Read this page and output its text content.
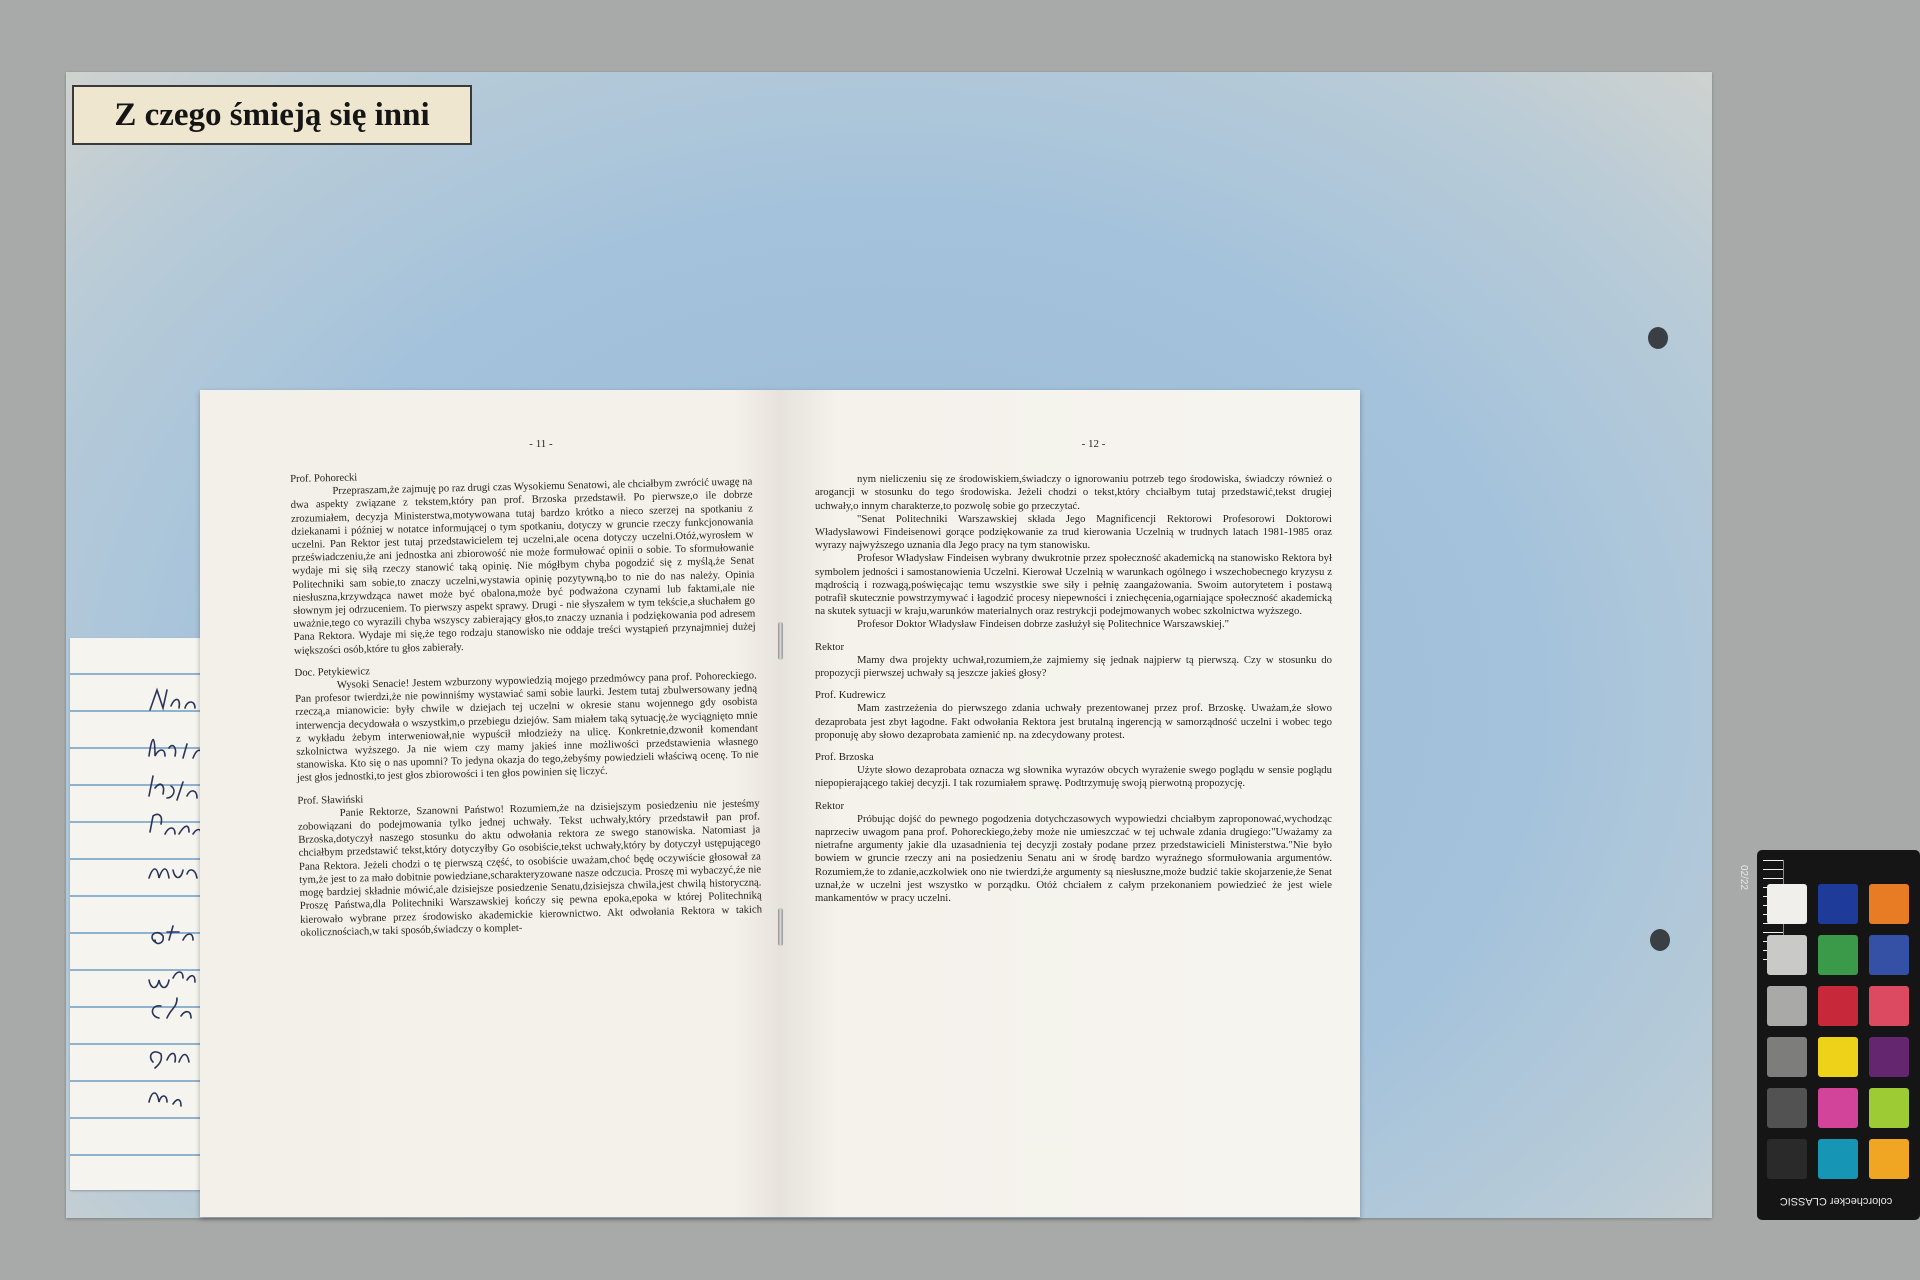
Z czego śmieją się inni
- 11 -
Prof. Pohorecki
Przepraszam,że zajmuję po raz drugi czas Wysokiemu Senatowi, ale chciałbym zwrócić uwagę na dwa aspekty związane z tekstem,który pan prof. Brzoska przedstawił. Po pierwsze,o ile dobrze zrozumiałem, decyzja Ministerstwa,motywowana tutaj bardzo krótko a nieco szerzej na spotkaniu z dziekanami i później w notatce informującej o tym spotkaniu, dotyczy w gruncie rzeczy funkcjonowania uczelni. Pan Rektor jest tutaj przedstawicielem tej uczelni,ale ocena dotyczy uczelni.Otóż,wyrosłem w przeświadczeniu,że ani jednostka ani zbiorowość nie może formułować opinii o sobie. To sformułowanie wydaje mi się siłą rzeczy stanowić taką opinię. Nie mógłbym chyba pogodzić się z myślą,że Senat Politechniki sam sobie,to znaczy uczelni,wystawia opinię pozytywną,bo to nie do nas należy. Opinia niesłuszna,krzywdząca nawet może być obalona,może być podważona czynami lub faktami,ale nie słownym jej odrzuceniem. To pierwszy aspekt sprawy. Drugi - nie słyszałem w tym tekście,a słuchałem go uważnie,tego co wyrazili chyba wszyscy zabierający głos,to znaczy uznania i podziękowania pod adresem Pana Rektora. Wydaje mi się,że tego rodzaju stanowisko nie oddaje treści wystąpień przynajmniej dużej większości osób,które tu głos zabierały.
Doc. Petykiewicz
Wysoki Senacie! Jestem wzburzony wypowiedzią mojego przedmówcy pana prof. Pohoreckiego. Pan profesor twierdzi,że nie powinniśmy wystawiać sami sobie laurki. Jestem tutaj zbulwersowany jedną rzeczą,a mianowicie: były chwile w dziejach tej uczelni w okresie stanu wojennego gdy osobista interwencja decydowała o wszystkim,o przebiegu dziejów. Sam miałem taką sytuację,że wyciągnięto mnie z wykładu żebym interweniował,nie wypuścił młodzieży na ulicę. Konkretnie,dzwonił komendant szkolnictwa wyższego. Ja nie wiem czy mamy jakieś inne możliwości przedstawienia własnego stanowiska. Kto się o nas upomni? To jedyna okazja do tego,żebyśmy powiedzieli właściwą ocenę. To nie jest głos jednostki,to jest głos zbiorowości i ten głos powinien się liczyć.
Prof. Sławiński
Panie Rektorze, Szanowni Państwo! Rozumiem,że na dzisiejszym posiedzeniu nie jesteśmy zobowiązani do podejmowania tylko jednej uchwały. Tekst uchwały,który przedstawił pan prof. Brzoska,dotyczył naszego stosunku do aktu odwołania rektora ze swego stanowiska. Natomiast ja chciałbym przedstawić tekst,który dotyczyłby Go osobiście,tekst uchwały,który by dotyczył ustępującego Pana Rektora. Jeżeli chodzi o tę pierwszą część, to osobiście uważam,choć będę oczywiście głosował za tym,że jest to za mało dobitnie powiedziane,scharakteryzowane nasze odczucia. Proszę mi wybaczyć,że nie mogę bardziej składnie mówić,ale dzisiejsze posiedzenie Senatu,dzisiejsza chwila,jest chwilą historyczną. Proszę Państwa,dla Politechniki Warszawskiej kończy się pewna epoka,epoka w której Politechniką kierowało wybrane przez środowisko akademickie kierownictwo. Akt odwołania Rektora w takich okolicznościach,w taki sposób,świadczy o komplet-
- 12 -
nym nieliczeniu się ze środowiskiem,świadczy o ignorowaniu potrzeb tego środowiska, świadczy również o arogancji w stosunku do tego środowiska. Jeżeli chodzi o tekst,który chciałbym tutaj przedstawić,tekst drugiej uchwały,o innym charakterze,to pozwolę sobie go przeczytać.
"Senat Politechniki Warszawskiej składa Jego Magnificencji Rektorowi Profesorowi Doktorowi Władysławowi Findeisenowi gorące podziękowanie za trud kierowania Uczelnią w trudnych latach 1981-1985 oraz wyrazy najwyższego uznania dla Jego pracy na tym stanowisku.
Profesor Władysław Findeisen wybrany dwukrotnie przez społeczność akademicką na stanowisko Rektora był symbolem jedności i samostanowienia Uczelni. Kierował Uczelnią w warunkach ogólnego i wszechobecnego kryzysu z mądrością i rozwagą,poświęcając temu wszystkie swe siły i pełnię zaangażowania. Swoim autorytetem i postawą potrafił skutecznie powstrzymywać i łagodzić procesy niepewności i zniechęcenia,ogarniające społeczność akademicką na skutek sytuacji w kraju,warunków materialnych oraz restrykcji podejmowanych wobec szkolnictwa wyższego.
Profesor Doktor Władysław Findeisen dobrze zasłużył się Politechnice Warszawskiej."
Rektor
Mamy dwa projekty uchwał,rozumiem,że zajmiemy się jednak najpierw tą pierwszą. Czy w stosunku do propozycji pierwszej uchwały są jeszcze jakieś głosy?
Prof. Kudrewicz
Mam zastrzeżenia do pierwszego zdania uchwały prezentowanej przez prof. Brzoskę. Uważam,że słowo dezaprobata jest zbyt łagodne. Fakt odwołania Rektora jest brutalną ingerencją w samorządność uczelni i wobec tego proponuję aby słowo dezaprobata zamienić np. na zdecydowany protest.
Prof. Brzoska
Użyte słowo dezaprobata oznacza wg słownika wyrazów obcych wyrażenie swego poglądu w sensie poglądu niepopierającego takiej decyzji. I tak rozumiałem sprawę. Podtrzymuję swoją pierwotną propozycję.
Rektor
Próbując dojść do pewnego pogodzenia dotychczasowych wypowiedzi chciałbym zaproponować,wychodząc naprzeciw uwagom pana prof. Pohoreckiego,żeby może nie umieszczać w tej uchwale zdania drugiego:"Uważamy za nietrafne argumenty jakie dla uzasadnienia tej decyzji zostały podane przez przedstawicieli Ministerstwa."Nie było bowiem w gruncie rzeczy ani na posiedzeniu Senatu ani w środę bardzo wyraźnego sformułowania argumentów. Rozumiem,że to zdanie,aczkolwiek ono nie twierdzi,że argumenty są niesłuszne,może budzić takie skojarzenie,że Senat uznał,że w uczelni jest wszystko w porządku. Otóż chciałem z całym przekonaniem powiedzieć że jest wiele mankamentów w pracy uczelni.
02/22
colorchecker CLASSIC
